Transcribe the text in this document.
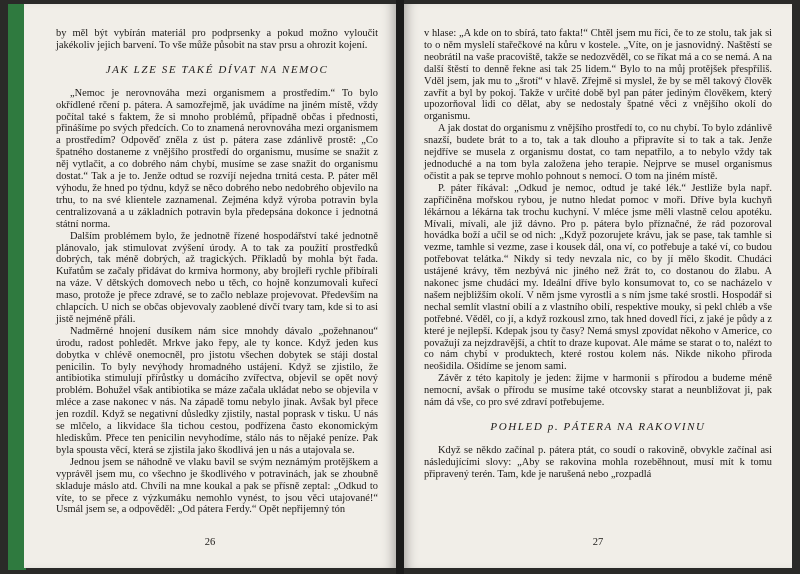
by měl být vybírán materiál pro podprsenky a pokud možno vyloučit jakékoliv jejich barvení. To vše může působit na stav prsu a ohrozit kojení.

JAK LZE SE TAKÉ DÍVAT NA NEMOC

„Nemoc je nerovnováha mezi organismem a prostředím.“ To bylo okřídlené rčení p. pátera. A samozřejmě, jak uvádíme na jiném místě, vždy počítal také s faktem, že si mnoho problémů, případně občas i přednosti, přinášíme po svých předcích. Co to znamená nerovnováha mezi organismem a prostředím? Odpověď zněla z úst p. pátera zase zdánlivě prostě: „Co špatného dostaneme z vnějšího prostředí do organismu, musíme se snažit z něj vytlačit, a co dobrého nám chybí, musíme se zase snažit do organismu dostat.“ Tak a je to. Jenže odtud se rozvíjí nejedna trnitá cesta. P. páter měl výhodu, že hned po týdnu, když se něco dobrého nebo nedobrého objevilo na trhu, to na své klientele zaznamenal. Zejména když výroba potravin byla centralizovaná a u základních potravin byla předepsána dokonce i jednotná státní norma.

Dalším problémem bylo, že jednotně řízené hospodářství také jednotně plánovalo, jak stimulovat zvýšení úrody. A to tak za použití prostředků dobrých, tak méně dobrých, až tragických. Příkladů by mohla být řada. Kuřatům se začaly přidávat do krmiva hormony, aby brojleři rychle přibírali na váze. V dětských domovech nebo u těch, co hojně konzumovali kuřecí maso, protože je přece zdravé, se to začlo neblaze projevovat. Především na chlapcích. U nich se občas objevovaly zaoblené dívčí tvary tam, kde si to asi jistě nejméně přáli.

Nadměrné hnojení dusíkem nám sice mnohdy dávalo „požehnanou“ úrodu, radost pohledět. Mrkve jako řepy, ale ty konce. Když jeden kus dobytka v chlévě onemocněl, pro jistotu všechen dobytek se stáji dostal penicilin. To byly nevýhody hromadného ustájení. Když se zjistilo, že antibiotika stimulují přírůstky u domácího zvířectva, objevil se opět nový problém. Bohužel však antibiotika se máze začala ukládat nebo se objevila v mléce a zase nakonec v nás. Na západě tomu nebylo jinak. Avšak byl přece jen rozdíl. Když se negativní důsledky zjistily, nastal poprask v tisku. U nás se mlčelo, a likvidace šla tichou cestou, podřízena často ekonomickým hlediskům. Přece ten penicilin nevyhodíme, stálo nás to nějaké peníze. Pak byla spousta věcí, která se zjistila jako škodlivá jen u nás a utajovala se.

Jednou jsem se náhodně ve vlaku bavil se svým neznámým protějškem a vyprávěl jsem mu, co všechno je škodlivého v potravinách, jak se zhoubně skladuje máslo atd. Chvíli na mne koukal a pak se přísně zeptal: „Odkud to víte, to se přece z výzkumáku nemohlo vynést, to jsou věci utajované!“ Usmál jsem se, a odpověděl: „Od pátera Ferdy.“ Opět nepřijemný tón

26

v hlase: „A kde on to sbírá, tato fakta!“ Chtěl jsem mu říci, če to ze stolu, tak jak si to o něm myslelí stařečkové na kůru v kostele. „Víte, on je jasnovidný. Naštěstí se neobrátil na vaše pracoviště, takže se nedozvěděl, co se říkat má a co se nemá. A na další štěstí to denně řekne asi tak 25 lidem.“ Bylo to na můj protějšek přespříliš. Vděl jsem, jak mu to „šrotí“ v hlavě. Zřejmě si myslel, že by se měl takový člověk zavřít a byl by pokoj. Takže v určité době byl pan páter jediným člověkem, který upozorňoval lidi co dělat, aby se nedostaly špatné věci z vnějšího okolí do organismu.

A jak dostat do organismu z vnějšího prostředí to, co nu chybí. To bylo zdánlivě snazší, budete brát to a to, tak a tak dlouho a připravíte si to tak a tak. Jenže nejdříve se musela z organismu dostat, co tam nepatřilo, a to nebylo vždy tak jednoduché a na tom byla založena jeho terapie. Nejprve se musel organismus očistit a pak se teprve mohlo pohnout s nemocí. O tom na jiném místě.

P. páter říkával: „Odkud je nemoc, odtud je také lék.“ Jestliže byla např. zapříčiněna mořskou rybou, je nutno hledat pomoc v moři. Dříve byla kuchyň lékárnou a lékárna tak trochu kuchyní. V mléce jsme měli vlastně celou apotéku. Mívali, mívali, ale již dávno. Pro p. pátera bylo příznačné, že rád pozoroval hovádka boží a učil se od nich: „Když pozorujete krávu, jak se pase, tak tamhle si vezme, tamhle si vezme, zase i kousek dál, ona ví, co potřebuje a také ví, co budou potřebovat telátka.“ Nikdy si tedy nevzala nic, co by jí mělo škodit. Chudáci ustájené krávy, těm nezbývá nic jiného než žrát to, co dostanou do žlabu. A nakonec jsme chudáci my. Ideální dříve bylo konsumovat to, co se nacházelo v našem nejbližším okolí. V něm jsme vyrostli a s ním jsme také srostli. Hospodář si nechal semlít vlastní obilí a z vlastního obilí, respektive mouky, si pekl chléb a vše potřebné. Věděl, co jí, a když rozkousl zrno, tak hned dovedl říci, z jaké je půdy a z které je nejlepší. Kdepak jsou ty časy? Nemá smysl zpovídat někoho v Americe, co považují za nejzdravější, a chtít to draze kupovat. Ale máme se starat o to, nalézt to co nám chybí v produktech, které rostou kolem nás. Nikde nikoho přiroda neošidila. Ošidíme se jenom sami.

Závěr z této kapitoly je jeden: žijme v harmonii s přírodou a budeme méně nemocní, avšak o přírodu se musíme také otcovsky starat a neunbližovat ji, pak nám dá vše, co pro své zdraví potřebujeme.

POHLED p. PÁTERA NA RAKOVINU

Když se někdo začínal p. pátera ptát, co soudí o rakovině, obvykle začínal asi následujícími slovy: „Aby se rakovina mohla rozeběhnout, musí mít k tomu připravený terén. Tam, kde je narušená nebo „rozpadlá

27
